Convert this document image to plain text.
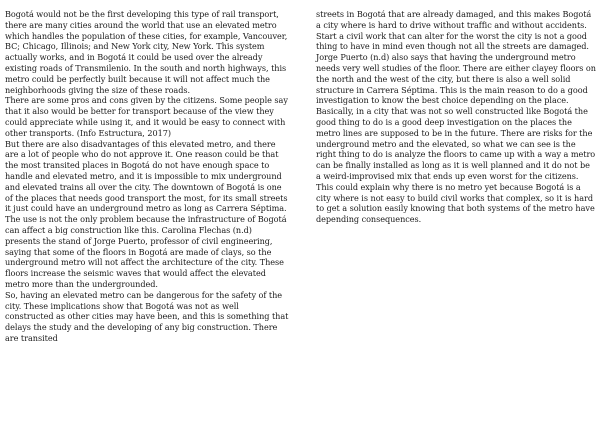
Bogotá would not be the first developing this type of rail transport, there are many cities around the world that use an elevated metro which handles the population of these cities, for example, Vancouver, BC; Chicago, Illinois; and New York city, New York. This system actually works, and in Bogotá it could be used over the already existing roads of Transmilenio. In the south and north highways, this metro could be perfectly built because it will not affect much the neighborhoods giving the size of these roads.

There are some pros and cons given by the citizens. Some people say that it also would be better for transport because of the view they could appreciate while using it, and it would be easy to connect with other transports. (Info Estructura, 2017)

But there are also disadvantages of this elevated metro, and there are a lot of people who do not approve it. One reason could be that the most transited places in Bogotá do not have enough space to handle and elevated metro, and it is impossible to mix underground and elevated trains all over the city. The downtown of Bogotá is one of the places that needs good transport the most, for its small streets it just could have an underground metro as long as Carrera Séptima. The use is not the only problem because the infrastructure of Bogotá can affect a big construction like this. Carolina Flechas (n.d) presents the stand of Jorge Puerto, professor of civil engineering, saying that some of the floors in Bogotá are made of clays, so the underground metro will not affect the architecture of the city. These floors increase the seismic waves that would affect the elevated metro more than the undergrounded.

So, having an elevated metro can be dangerous for the safety of the city. These implications show that Bogotá was not as well constructed as other cities may have been, and this is something that delays the study and the developing of any big construction. There are transited

streets in Bogotá that are already damaged, and this makes Bogotá a city where is hard to drive without traffic and without accidents. Start a civil work that can alter for the worst the city is not a good thing to have in mind even though not all the streets are damaged.

Jorge Puerto (n.d) also says that having the underground metro needs very well studies of the floor. There are either clayey floors on the north and the west of the city, but there is also a well solid structure in Carrera Séptima. This is the main reason to do a good investigation to know the best choice depending on the place.

Basically, in a city that was not so well constructed like Bogotá the good thing to do is a good deep investigation on the places the metro lines are supposed to be in the future. There are risks for the underground metro and the elevated, so what we can see is the right thing to do is analyze the floors to came up with a way a metro can be finally installed as long as it is well planned and it do not be a weird-improvised mix that ends up even worst for the citizens. This could explain why there is no metro yet because Bogotá is a city where is not easy to build civil works that complex, so it is hard to get a solution easily knowing that both systems of the metro have depending consequences.
